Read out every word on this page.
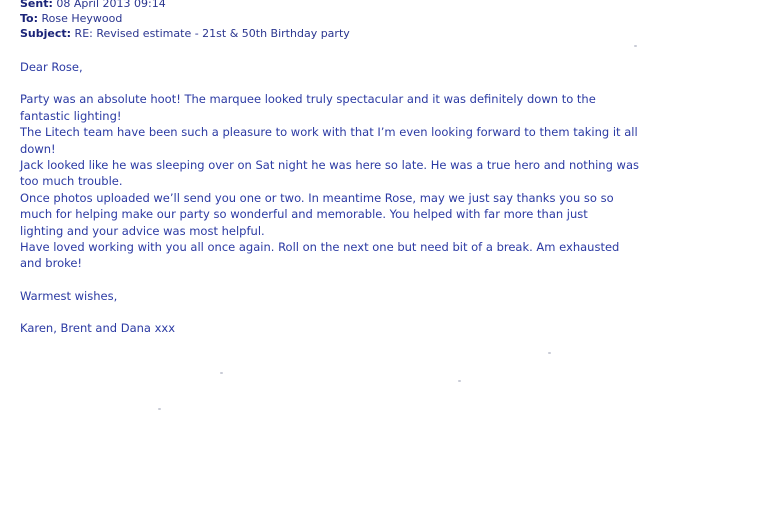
Sent: 08 April 2013 09:14
To: Rose Heywood
Subject: RE: Revised estimate - 21st & 50th Birthday party

Dear Rose,

Party was an absolute hoot! The marquee looked truly spectacular and it was definitely down to the

fantastic lighting!

The Litech team have been such a pleasure to work with that I’m even looking forward to them taking it all

down!

Jack looked like he was sleeping over on Sat night he was here so late. He was a true hero and nothing was

too much trouble.

Once photos uploaded we’ll send you one or two. In meantime Rose, may we just say thanks you so so

much for helping make our party so wonderful and memorable. You helped with far more than just

lighting and your advice was most helpful.

Have loved working with you all once again. Roll on the next one but need bit of a break. Am exhausted

and broke!

Warmest wishes,

Karen, Brent and Dana xxx
